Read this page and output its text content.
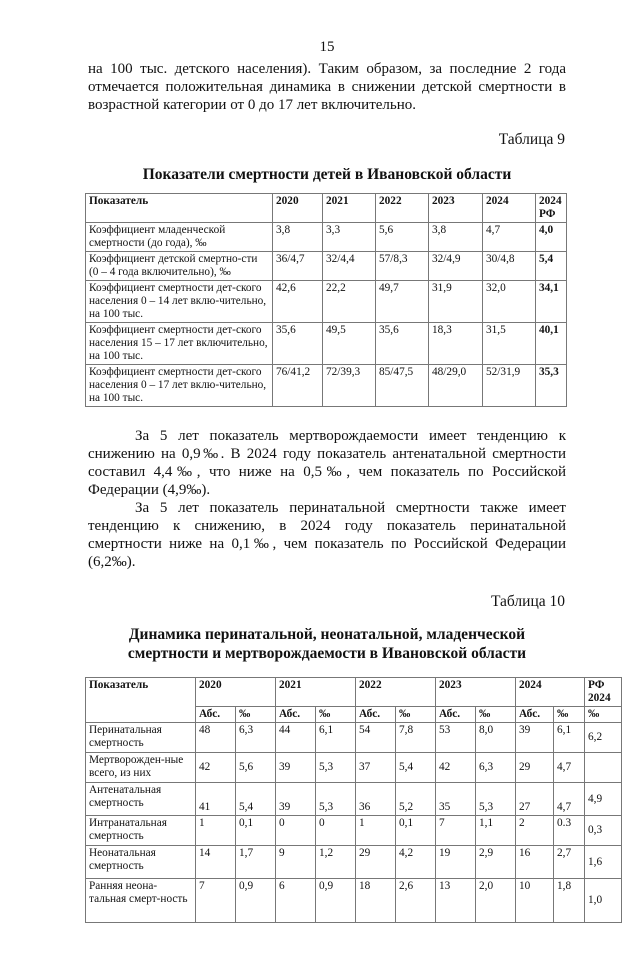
15
на 100 тыс. детского населения). Таким образом, за последние 2 года
отмечается положительная динамика в снижении детской смертности в
возрастной категории от 0 до 17 лет включительно.
Таблица 9
Показатели смертности детей в Ивановской области
Показатель	2020	2021	2022	2023	2024	2024 РФ
Коэффициент младенческой смертности (до года), ‰	3,8	3,3	5,6	3,8	4,7	4,0
Коэффициент детской смертно-сти (0 – 4 года включительно), ‰	36/4,7	32/4,4	57/8,3	32/4,9	30/4,8	5,4
Коэффициент смертности дет-ского населения 0 – 14 лет вклю-чительно, на 100 тыс.	42,6	22,2	49,7	31,9	32,0	34,1
Коэффициент смертности дет-ского населения 15 – 17 лет включительно, на 100 тыс.	35,6	49,5	35,6	18,3	31,5	40,1
Коэффициент смертности дет-ского населения 0 – 17 лет вклю-чительно, на 100 тыс.	76/41,2	72/39,3	85/47,5	48/29,0	52/31,9	35,3
За 5 лет показатель мертворождаемости имеет тенденцию к снижению на 0,9‰. В 2024 году показатель антенатальной смертности составил 4,4‰, что ниже на 0,5‰, чем показатель по Российской Федерации (4,9‰).
За 5 лет показатель перинатальной смертности также имеет тенденцию к снижению, в 2024 году показатель перинатальной смертности ниже на 0,1‰, чем показатель по Российской Федерации (6,2‰).
Таблица 10
Динамика перинатальной, неонатальной, младенческой
смертности и мертворождаемости в Ивановской области
Показатель	2020		2021		2022		2023		2024		РФ 2024
	Абс.	‰	Абс.	‰	Абс.	‰	Абс.	‰	Абс.	‰	‰
Перинатальная смертность	48	6,3	44	6,1	54	7,8	53	8,0	39	6,1	6,2
Мертворожден-ные всего, из них	42	5,6	39	5,3	37	5,4	42	6,3	29	4,7	
Антенатальная смертность	41	5,4	39	5,3	36	5,2	35	5,3	27	4,7	4,9
Интранатальная смертность	1	0,1	0	0	1	0,1	7	1,1	2	0.3	0,3
Неонатальная смертность	14	1,7	9	1,2	29	4,2	19	2,9	16	2,7	1,6
Ранняя неона-тальная смерт-ность	7	0,9	6	0,9	18	2,6	13	2,0	10	1,8	1,0
